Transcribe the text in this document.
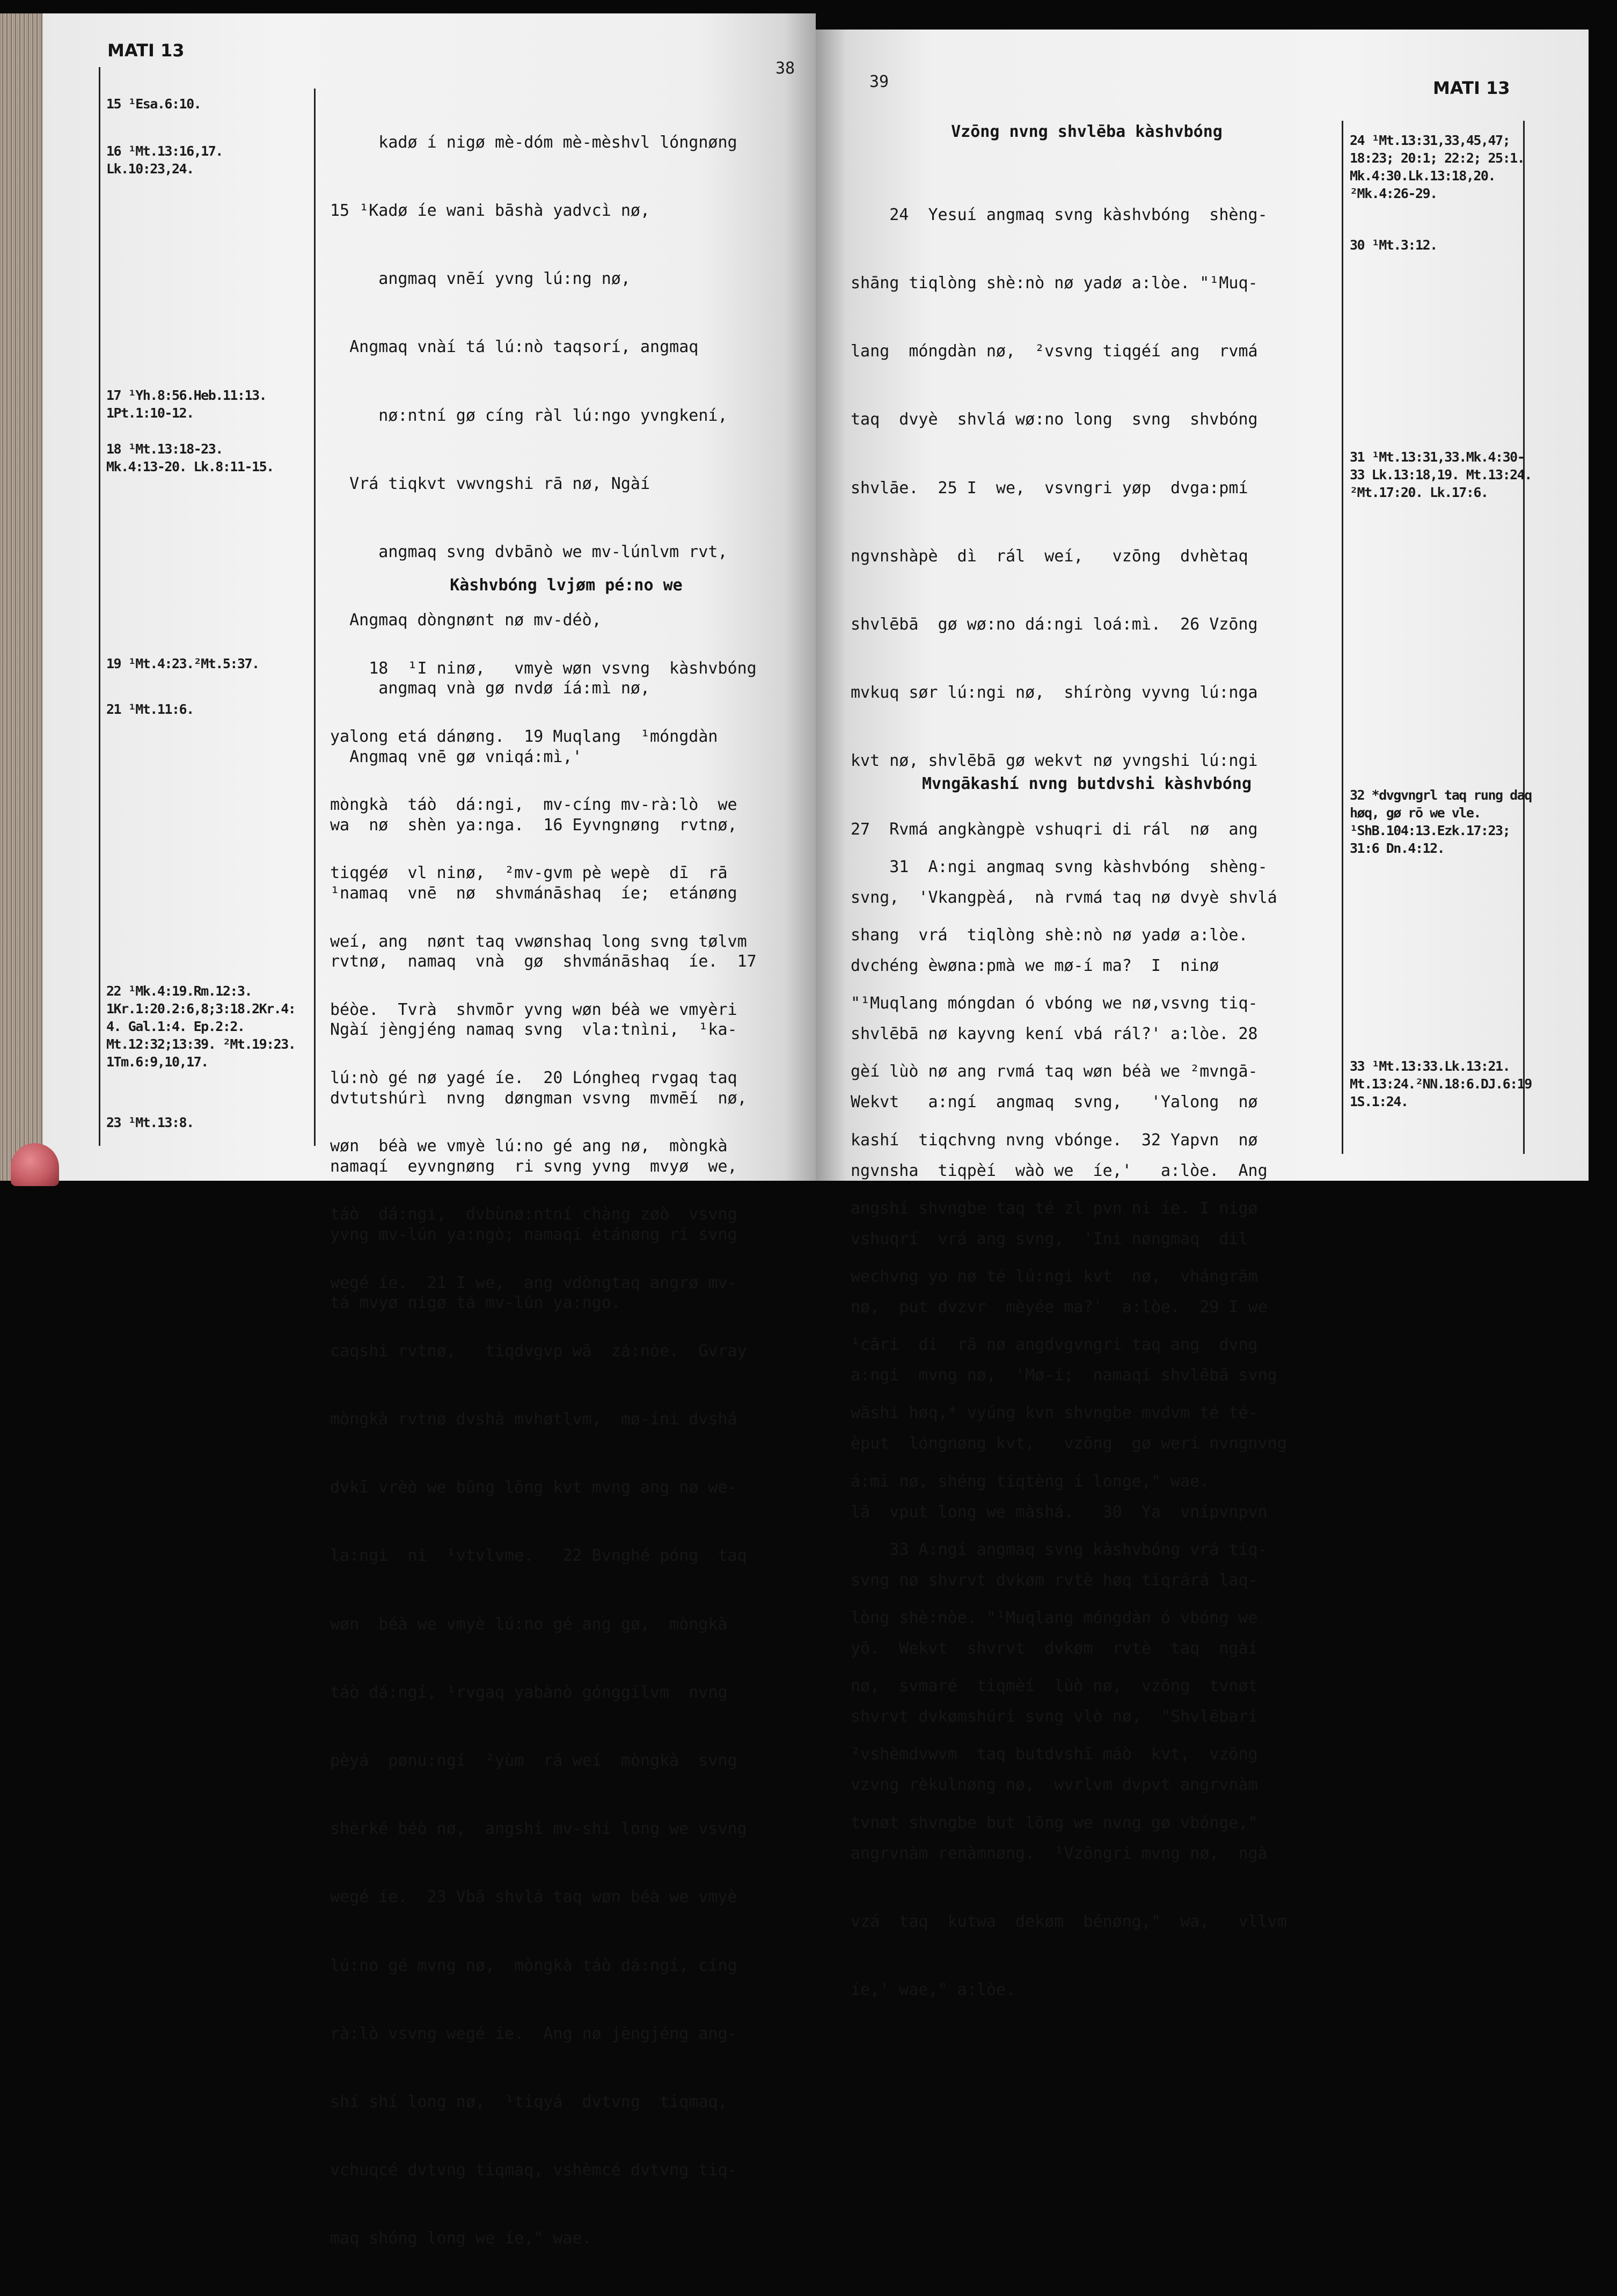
MATI 13
38
15 ¹Esa.6:10.
16 ¹Mt.13:16,17.
Lk.10:23,24.
17 ¹Yh.8:56.Heb.11:13.
1Pt.1:10-12.
18 ¹Mt.13:18-23.
Mk.4:13-20. Lk.8:11-15.
19 ¹Mt.4:23.²Mt.5:37.
21 ¹Mt.11:6.
22 ¹Mk.4:19.Rm.12:3.
1Kr.1:20.2:6,8;3:18.2Kr.4:
4. Gal.1:4. Ep.2:2.
Mt.12:32;13:39. ²Mt.19:23.
1Tm.6:9,10,17.
23 ¹Mt.13:8.

kadø í nigø mè-dóm mè-mèshvl lóngnøng

15 ¹Kadø íe wani bāshà yadvcì nø,

angmaq vnēí yvng lú:ng nø,

Angmaq vnàí tá lú:nò taqsorí, angmaq

nø:ntní gø cíng ràl lú:ngo yvngkení,

Vrá tiqkvt vwvngshi rā nø, Ngàí

angmaq svng dvbānò we mv-lúnlvm rvt,

Angmaq dòngnønt nø mv-déò,

angmaq vnà gø nvdø íá:mì nø,

Angmaq vnē gø vniqá:mì,'

wa  nø  shèn ya:nga.  16 Eyvngnøng  rvtnø,

¹namaq  vnē  nø  shvmánāshaq  íe;  etánøng

rvtnø,  namaq  vnà  gø  shvmánāshaq  íe.  17

Ngàí jèngjéng namaq svng  vla:tnìni,  ¹ka-

dvtutshúrì  nvng  døngman vsvng  mvmēí  nø,

namaqí  eyvngnøng  ri svng yvng  mvyø  we,

yvng mv-lún ya:ngò; namaqí ètánøng ri svng

tá mvyø nigø tá mv-lún ya:ngo.

Kàshvbóng lvjøm pé:no we

18  ¹I ninø,   vmyè wøn vsvng  kàshvbóng

yalong etá dánøng.  19 Muqlang  ¹móngdàn

mòngkà  táò  dá:ngi,  mv-cíng mv-rà:lò  we

tiqgéø  vl ninø,  ²mv-gvm pè wepè  dī  rā

weí, ang  nønt taq vwønshaq long svng tølvm

béòe.  Tvrà  shvmōr yvng wøn béà we vmyèri

lú:nò gé nø yagé íe.  20 Lóngheq rvgaq taq

wøn  béà we vmyè lú:no gé ang nø,  mòngkà

táò  dá:ngi,  dvbùnø:ntní chàng zøò  vsvng

wegé íe.  21 I we,  ang vdòngtaq angrø mv-

caqshi rvtnø,   tiqdvgvp wā  zá:nòe.  Gvray

mòngkà rvtnø dvshà mvhøtlvm,  mø-íni dvshá

dvkī vrèò we būng lōng kvt mvng ang nø we-

la:ngi  ni  ¹vtvlvme.   22 Bvnghé póng  taq

wøn  béà we vmyè lú:no gé ang gø,  mòngkà

táò dá:ngí, ¹rvgaq yabànò gónggilvm  nvng

pèyá  pønu:ngí  ²yùm  rā weí  mòngkà  svng

shèrké béò nø,  angshí mv-shí long we vsvng

wegé íe.  23 Vbā shvlá taq wøn béà we vmyè

lú:no gé mvng nø,  mòngkà táò dá:ngí, cíng

rà:lò vsvng wegé íe.  Ang nø jèngjéng ang-

shí shí long nø,  ¹tiqyá  dvtvng  tiqmaq,

vchuqcé dvtvng tiqmaq, vshèmcé dvtvng tiq-

maq shóng long we íe," wae.

39	MATI 13
Vzōng nvng shvlēba kàshvbóng

24  Yesuí angmaq svng kàshvbóng  shèng-

shāng tiqlòng shè:nò nø yadø a:lòe. "¹Muq-

lang  móngdàn nø,  ²vsvng tiqgéí ang  rvmá

taq  dvyè  shvlá wø:no long  svng  shvbóng

shvlāe.  25 I  we,  vsvngri yøp  dvga:pmí

ngvnshàpè  dì  rál  weí,   vzōng  dvhètaq

shvlēbā  gø wø:no dá:ngi loá:mì.  26 Vzōng

mvkuq sør lú:ngi nø,  shíròng vyvng lú:nga

kvt nø, shvlēbā gø wekvt nø yvngshi lú:ngi

27  Rvmá angkàngpè vshuqri di rál  nø  ang

svng,  'Vkangpèá,  nà rvmá taq nø dvyè shvlá

dvchéng èwøna:pmà we mø-í ma?  I  ninø

shvlēbā nø kayvng kení vbá rál?' a:lòe. 28

Wekvt   a:ngí  angmaq  svng,   'Yalong  nø

ngvnsha  tiqpèí  wàò we  íe,'   a:lòe.  Ang

vshuqrí  vrá ang svng,  'Ini nøngmaq  dìl

nø,  put dvzvr  mèyée ma?'  a:lòe.  29 I we

a:ngí  mvng nø,  'Mø-í;  namaqí shvlēbā svng

èput  lóngnøng kvt,   vzōng  gø weri nvngnvng

lā  vput long we màshá.   30  Ya  vnípvnpvn

svng nø shvrvt dvkøm rvtè høq tiqrárá laq-

yō.  Wekvt  shvrvt  dvkøm  rvtè  taq  ngàí

shvrvt dvkømshúri svng vlò nø,  "Shvlēbari

vzvng rèkulnøng nø,  wvrlvm dvpvt angrvnàm

angrvnàm renàmnøng.  ¹Vzōngri mvng nø,  ngà

vzá  taq  kutwa  dekøm  bénøng,"  wa,   vllvm

íe,' wae," a:lòe.

Mvngākashí nvng butdvshi kàshvbóng

31  A:ngi angmaq svng kàshvbóng  shèng-

shang  vrá  tiqlòng shè:nò nø yadø a:lòe.

"¹Muqlang móngdan ó vbóng we nø,vsvng tiq-

gèí lùò nø ang rvmá taq wøn béà we ²mvngā-

kashí  tiqchvng nvng vbónge.  32 Yapvn  nø

angshí shvngbe taq té zl pvn ni íe. I nigø

wechvng yo nø té lú:ngi kvt  nø,  vhángrām

¹cāri  di  rā nø angdvgvngri taq ang  dvng

wāshi høq,* vyúng kvn shvngbe mvdvm té té-

á:mì nø, shéng tiqtèng í longe," wae.

33 A:ngí angmaq svng kàshvbóng vrá tiq-

lòng shè:nòe. "¹Muqlang móngdàn ó vbóng we

nø,  svmaré  tiqmèí  lùò nø,  vzōng  tvnøt

²vshèmdvwvm  taq butdvshī máò  kvt,  vzōng

tvnøt shvngbe but lōng we nvng gø vbónge,"

24 ¹Mt.13:31,33,45,47;
18:23; 20:1; 22:2; 25:1.
Mk.4:30.Lk.13:18,20.
²Mk.4:26-29.
30 ¹Mt.3:12.
31 ¹Mt.13:31,33.Mk.4:30-
33 Lk.13:18,19. Mt.13:24.
²Mt.17:20. Lk.17:6.
32 *dvgvngrl taq rung daq
høq, gø rō we vle.
¹ShB.104:13.Ezk.17:23;
31:6 Dn.4:12.
33 ¹Mt.13:33.Lk.13:21.
Mt.13:24.²NN.18:6.DJ.6:19
1S.1:24.
